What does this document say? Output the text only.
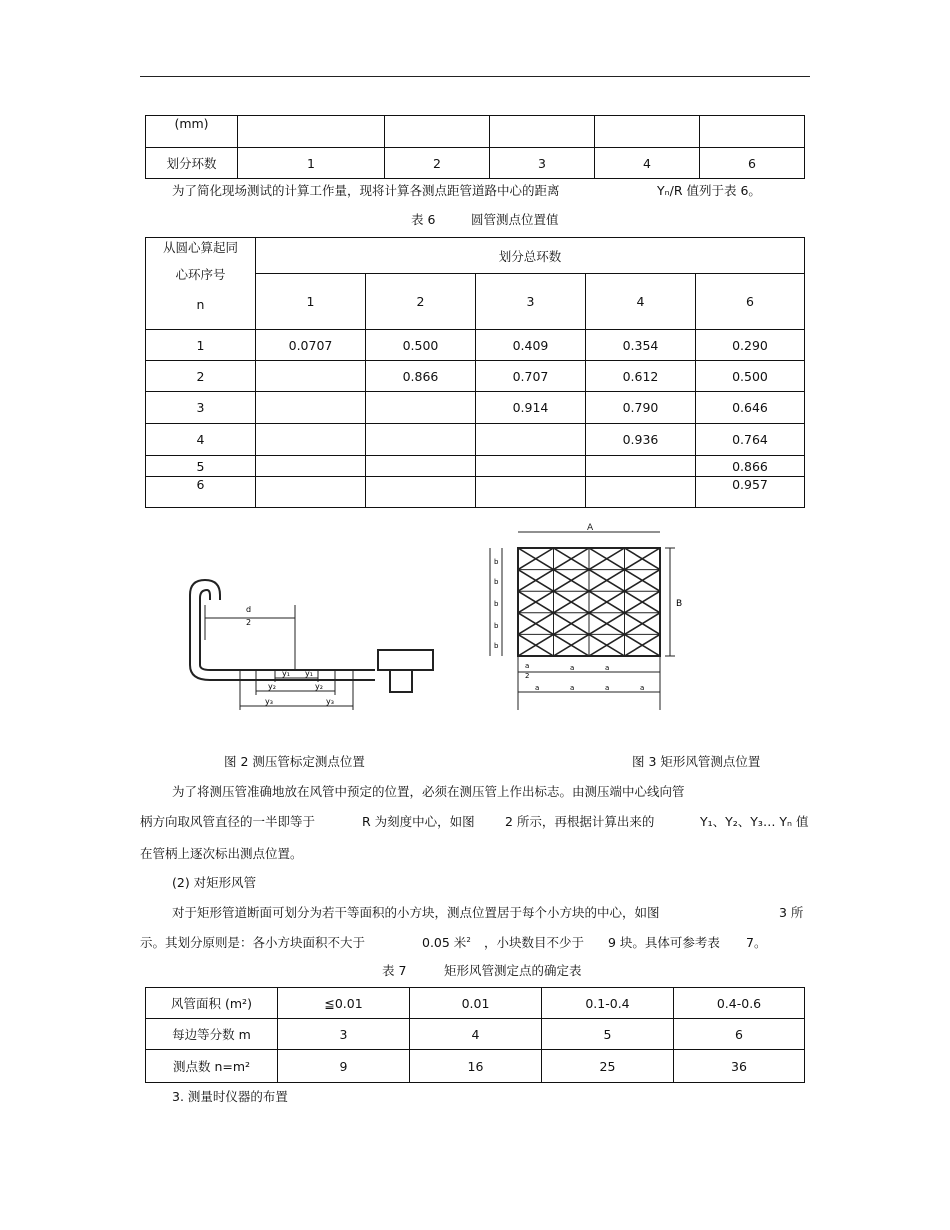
(mm)					
划分环数	1	2	3	4	6
为了简化现场测试的计算工作量，现将计算各测点距管道路中心的距离	Yₙ/R 值列于表 6。
表 6	圆管测点位置值
从圆心算起同
心环序号
n	划分总环数				
	1	2	3	4	6
1	0.0707	0.500	0.409	0.354	0.290
2		0.866	0.707	0.612	0.500
3			0.914	0.790	0.646
4				0.936	0.764
5					0.866
6					0.957
d
2
y₁ y₁
y₂	y₂
y₃	y₃
A
B
b
b
b
b
b
a
2
a	a
a	a	a	a
图 2 测压管标定测点位置	图 3 矩形风管测点位置
为了将测压管准确地放在风管中预定的位置，必须在测压管上作出标志。由测压端中心线向管
柄方向取风管直径的一半即等于	R 为刻度中心，如图 2 所示，再根据计算出来的	Y₁、Y₂、Y₃… Yₙ 值
在管柄上逐次标出测点位置。
(2) 对矩形风管
对于矩形管道断面可划分为若干等面积的小方块，测点位置居于每个小方块的中心，如图	3 所
示。其划分原则是：各小方块面积不大于	0.05 米$^2$ ，小块数目不少于 9 块。具体可参考表 7。
表 7	矩形风管测定点的确定表
风管面积 (m²)	≦0.01	0.01	0.1-0.4	0.4-0.6
每边等分数 m	3	4	5	6
测点数 n=m²	9	16	25	36
3. 测量时仪器的布置
